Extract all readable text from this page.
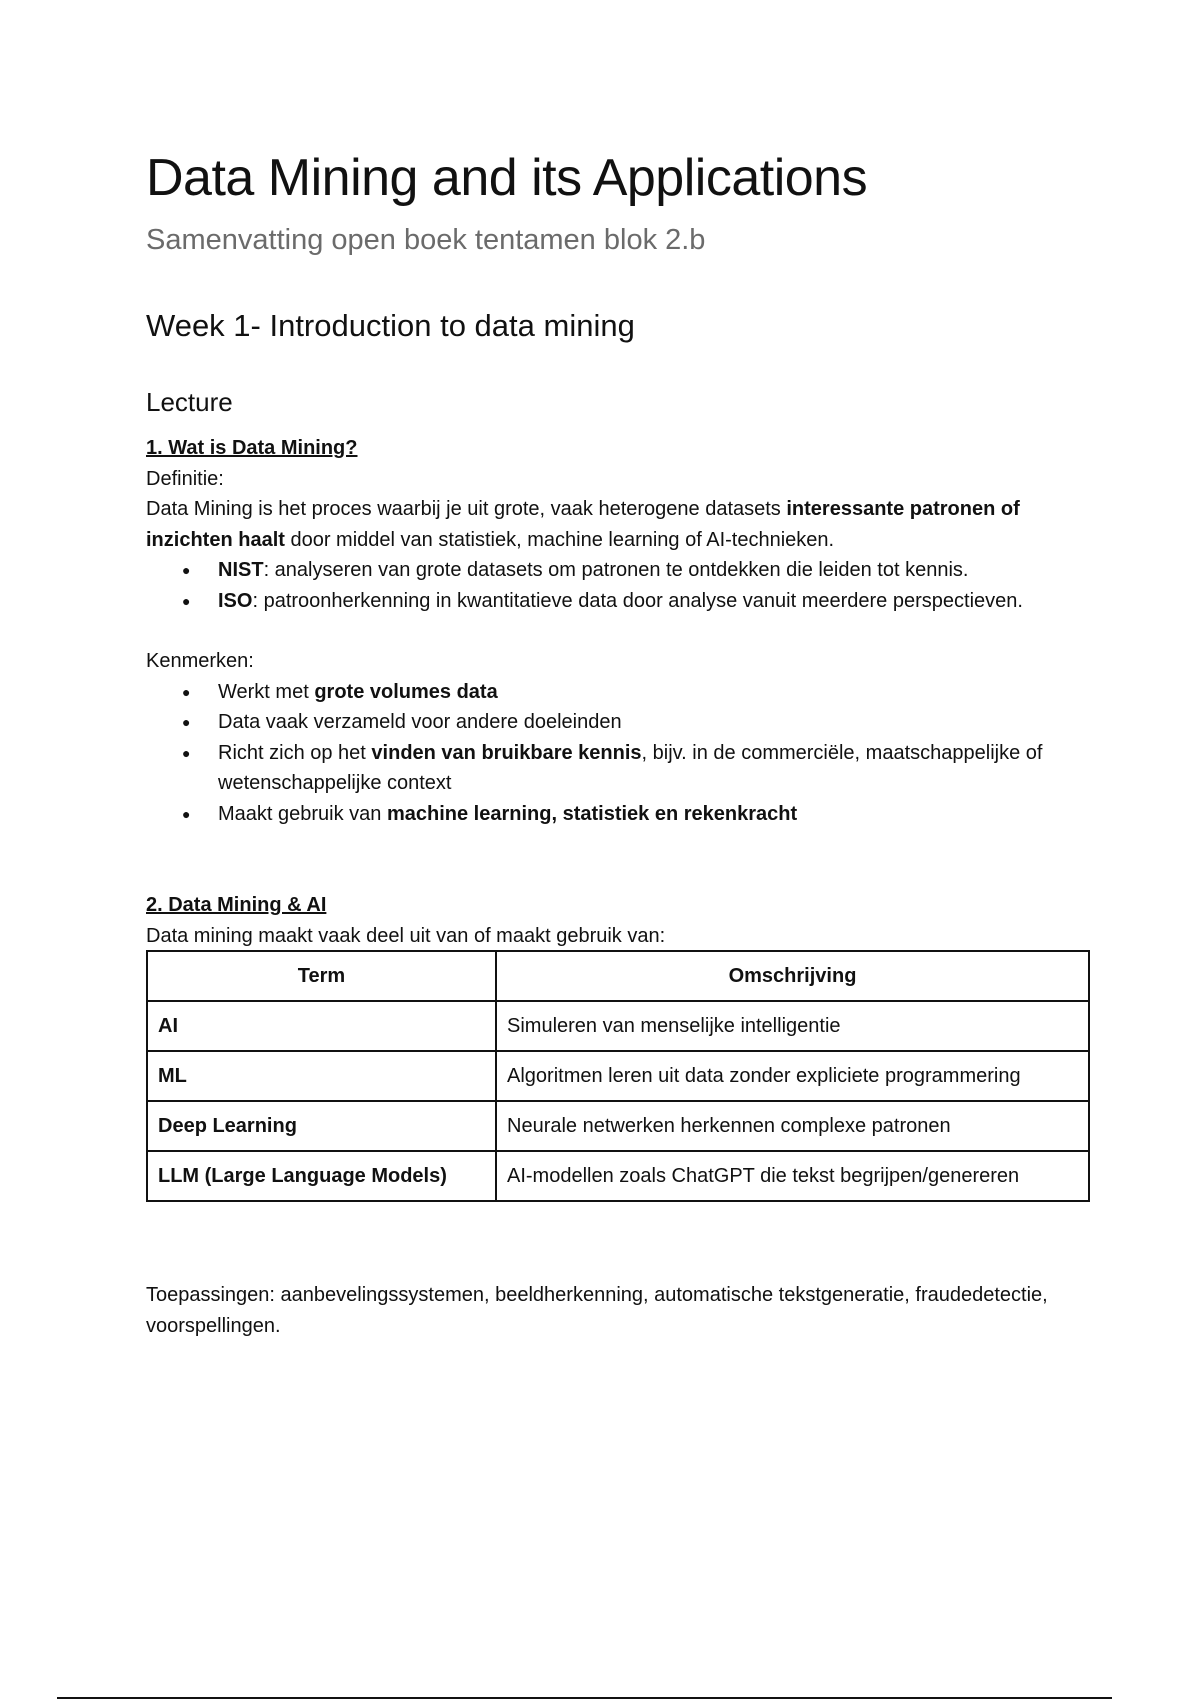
Data Mining and its Applications
Samenvatting open boek tentamen blok 2.b
Week 1- Introduction to data mining
Lecture

1. Wat is Data Mining?

Definitie:

Data Mining is het proces waarbij je uit grote, vaak heterogene datasets interessante patronen of inzichten haalt door middel van statistiek, machine learning of AI-technieken.

● NIST: analyseren van grote datasets om patronen te ontdekken die leiden tot kennis.
● ISO: patroonherkenning in kwantitatieve data door analyse vanuit meerdere perspectieven.

Kenmerken:

● Werkt met grote volumes data
● Data vaak verzameld voor andere doeleinden
● Richt zich op het vinden van bruikbare kennis, bijv. in de commerciële, maatschappelijke of wetenschappelijke context
● Maakt gebruik van machine learning, statistiek en rekenkracht

2. Data Mining & AI

Data mining maakt vaak deel uit van of maakt gebruik van:

Term	Omschrijving
AI	Simuleren van menselijke intelligentie
ML	Algoritmen leren uit data zonder expliciete programmering
Deep Learning	Neurale netwerken herkennen complexe patronen
LLM (Large Language Models)	AI-modellen zoals ChatGPT die tekst begrijpen/genereren
Toepassingen: aanbevelingssystemen, beeldherkenning, automatische tekstgeneratie, fraudedetectie, voorspellingen.
